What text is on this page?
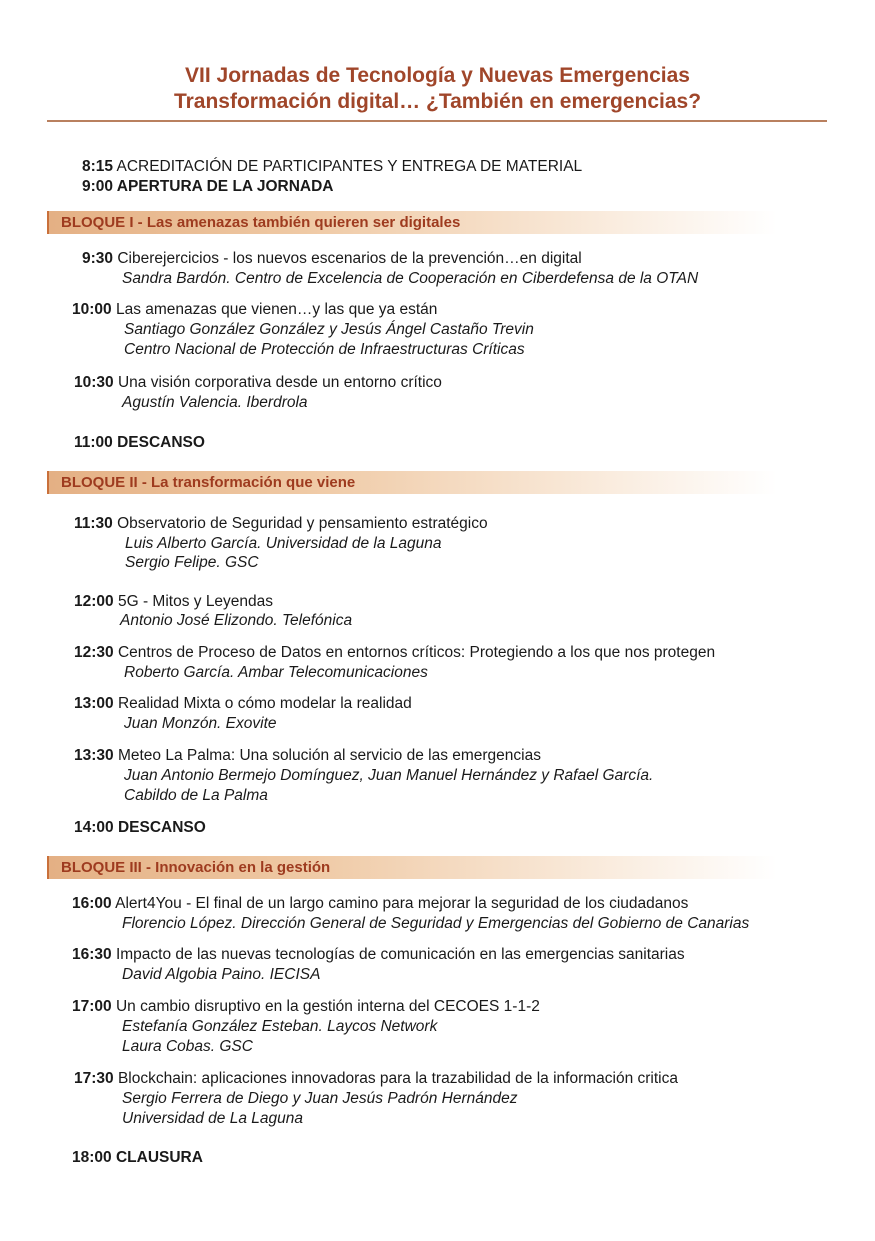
VII Jornadas de Tecnología y Nuevas Emergencias
Transformación digital… ¿También en emergencias?
8:15 ACREDITACIÓN DE PARTICIPANTES Y ENTREGA DE MATERIAL
9:00 APERTURA DE LA JORNADA
BLOQUE I - Las amenazas también quieren ser digitales
9:30 Ciberejercicios - los nuevos escenarios de la prevención…en digital
Sandra Bardón. Centro de Excelencia de Cooperación en Ciberdefensa de la OTAN
10:00 Las amenazas que vienen…y las que ya están
Santiago González González y Jesús Ángel Castaño Trevin
Centro Nacional de Protección de Infraestructuras Críticas
10:30 Una visión corporativa desde un entorno crítico
Agustín Valencia. Iberdrola
11:00 DESCANSO
BLOQUE II - La transformación que viene
11:30 Observatorio de Seguridad y pensamiento estratégico
Luis Alberto García. Universidad de la Laguna
Sergio Felipe. GSC
12:00 5G - Mitos y Leyendas
Antonio José Elizondo. Telefónica
12:30 Centros de Proceso de Datos en entornos críticos: Protegiendo a los que nos protegen
Roberto García. Ambar Telecomunicaciones
13:00 Realidad Mixta o cómo modelar la realidad
Juan Monzón. Exovite
13:30 Meteo La Palma: Una solución al servicio de las emergencias
Juan Antonio Bermejo Domínguez, Juan Manuel Hernández y Rafael García.
Cabildo de La Palma
14:00 DESCANSO
BLOQUE III - Innovación en la gestión
16:00 Alert4You - El final de un largo camino para mejorar la seguridad de los ciudadanos
Florencio López. Dirección General de Seguridad y Emergencias del Gobierno de Canarias
16:30 Impacto de las nuevas tecnologías de comunicación en las emergencias sanitarias
David Algobia Paino. IECISA
17:00 Un cambio disruptivo en la gestión interna del CECOES 1-1-2
Estefanía González Esteban. Laycos Network
Laura Cobas. GSC
17:30 Blockchain: aplicaciones innovadoras para la trazabilidad de la información critica
Sergio Ferrera de Diego y Juan Jesús Padrón Hernández
Universidad de La Laguna
18:00 CLAUSURA
